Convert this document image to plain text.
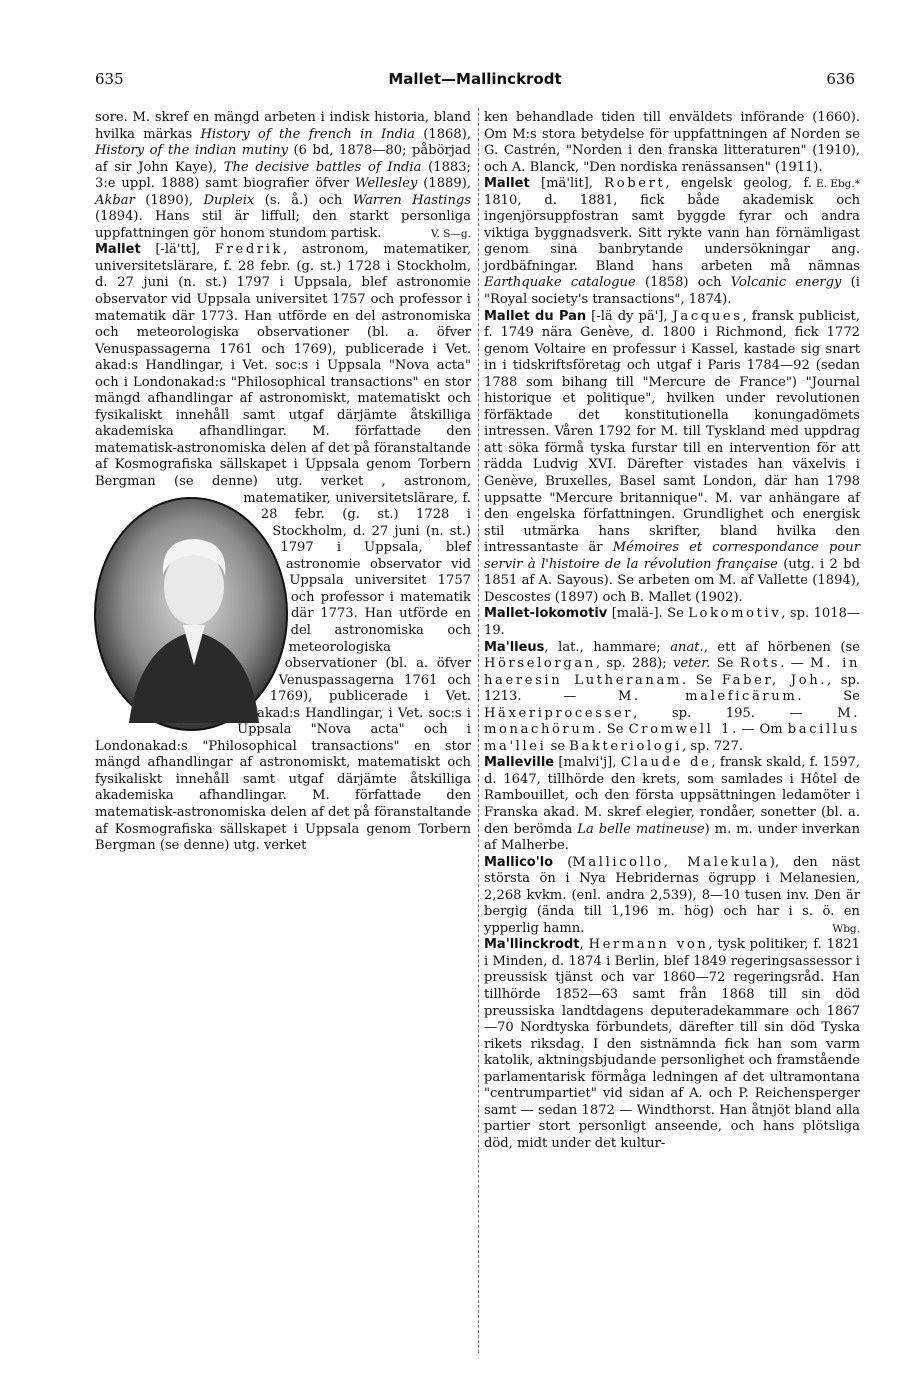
635	Mallet—Mallinckrodt	636

sore. M. skref en mängd arbeten i indisk historia, bland hvilka märkas History of the french in India (1868), History of the indian mutiny (6 bd, 1878—80; påbörjad af sir John Kaye), The decisive battles of India (1883; 3:e uppl. 1888) samt biografier öfver Wellesley (1889), Akbar (1890), Dupleix (s. å.) och Warren Hastings (1894). Hans stil är liffull; den starkt personliga uppfattningen gör honom stundom partisk.	V. S—g.

Mallet [-lä'tt], Fredrik, astronom, matematiker, universitetslärare, f. 28 febr. (g. st.) 1728 i Stockholm, d. 27 juni (n. st.) 1797 i Uppsala, blef astronomie observator vid Uppsala universitet 1757 och professor i matematik där 1773. Han utförde en del astronomiska och meteorologiska observationer (bl. a. öfver Venuspassagerna 1761 och 1769), publicerade i Vet. akad:s Handlingar, i Vet. soc:s i Uppsala "Nova acta" och i Londonakad:s "Philosophical transactions" en stor mängd afhandlingar af astronomiskt, matematiskt och fysikaliskt innehåll samt utgaf därjämte åtskilliga akademiska afhandlingar. M. författade den matematisk-astronomiska delen af det på föranstaltande af Kosmografiska sällskapet i Uppsala genom Torbern Bergman (se denne) utg. verket
, astronom, matematiker, universitetslärare, f. 28 febr. (g. st.) 1728 i Stockholm, d. 27 juni (n. st.) 1797 i Uppsala, blef astronomie observator vid Uppsala universitet 1757 och professor i matematik där 1773. Han utförde en del astronomiska och meteorologiska observationer (bl. a. öfver Venuspassagerna 1761 och 1769), publicerade i Vet. akad:s Handlingar, i Vet. soc:s i Uppsala "Nova acta" och i Londonakad:s "Philosophical transactions" en stor mängd afhandlingar af astronomiskt, matematiskt och fysikaliskt innehåll samt utgaf därjämte åtskilliga akademiska afhandlingar. M. författade den matematisk-astronomiska delen af det på föranstaltande af Kosmografiska sällskapet i Uppsala genom Torbern Bergman (se denne) utg. verket

ken behandlade tiden till enväldets införande (1660). Om M:s stora betydelse för uppfattningen af Norden se G. Castrén, "Norden i den franska litteraturen" (1910), och A. Blanck, "Den nordiska renässansen" (1911).
E. Ebg.*

Mallet [mä'lit], Robert, engelsk geolog, f. 1810, d. 1881, fick både akademisk och ingenjörsuppfostran samt byggde fyrar och andra viktiga byggnadsverk. Sitt rykte vann han förnämligast genom sina banbrytande undersökningar ang. jordbäfningar. Bland hans arbeten må nämnas Earthquake catalogue (1858) och Volcanic energy (i "Royal society's transactions", 1874).

Mallet du Pan [-lä dy pä'], Jacques, fransk publicist, f. 1749 nära Genève, d. 1800 i Richmond, fick 1772 genom Voltaire en professur i Kassel, kastade sig snart in i tidskriftsföretag och utgaf i Paris 1784—92 (sedan 1788 som bihang till "Mercure de France") "Journal historique et politique", hvilken under revolutionen förfäktade det konstitutionella konungadömets intressen. Våren 1792 for M. till Tyskland med uppdrag att söka förmå tyska furstar till en intervention för att rädda Ludvig XVI. Därefter vistades han växelvis i Genève, Bruxelles, Basel samt London, där han 1798 uppsatte "Mercure britannique". M. var anhängare af den engelska författningen. Grundlighet och energisk stil utmärka hans skrifter, bland hvilka den intressantaste är Mémoires et correspondance pour servir à l'histoire de la révolution française (utg. i 2 bd 1851 af A. Sayous). Se arbeten om M. af Vallette (1894), Descostes (1897) och B. Mallet (1902).

Mallet-lokomotiv [malä-]. Se Lokomotiv, sp. 1018—19.

Ma'lleus, lat., hammare; anat., ett af hörbenen (se Hörselorgan, sp. 288); veter. Se Rots. — M. in haeresin Lutheranam. Se Faber, Joh., sp. 1213. — M. maleficärum. Se Häxeriprocesser, sp. 195. — M. monachörum. Se Cromwell 1. — Om bacillus ma'llei se Bakteriologi, sp. 727.

Malleville [malvi'j], Claude de, fransk skald, f. 1597, d. 1647, tillhörde den krets, som samlades i Hôtel de Rambouillet, och den första uppsättningen ledamöter i Franska akad. M. skref elegier, rondåer, sonetter (bl. a. den berömda La belle matineuse) m. m. under inverkan af Malherbe.

Mallico'lo (Mallicollo, Malekula), den näst största ön i Nya Hebridernas ögrupp i Melanesien, 2,268 kvkm. (enl. andra 2,539), 8—10 tusen inv. Den är bergig (ända till 1,196 m. hög) och har i s. ö. en ypperlig hamn.	Wbg.

Ma'llinckrodt, Hermann von, tysk politiker, f. 1821 i Minden, d. 1874 i Berlin, blef 1849 regeringsassessor i preussisk tjänst och var 1860—72 regeringsråd. Han tillhörde 1852—63 samt från 1868 till sin död preussiska landtdagens deputeradekammare och 1867—70 Nordtyska förbundets, därefter till sin död Tyska rikets riksdag. I den sistnämnda fick han som varm katolik, aktningsbjudande personlighet och framstående parlamentarisk förmåga ledningen af det ultramontana "centrumpartiet" vid sidan af A. och P. Reichensperger samt — sedan 1872 — Windthorst. Han åtnjöt bland alla partier stort personligt anseende, och hans plötsliga död, midt under det kultur-
